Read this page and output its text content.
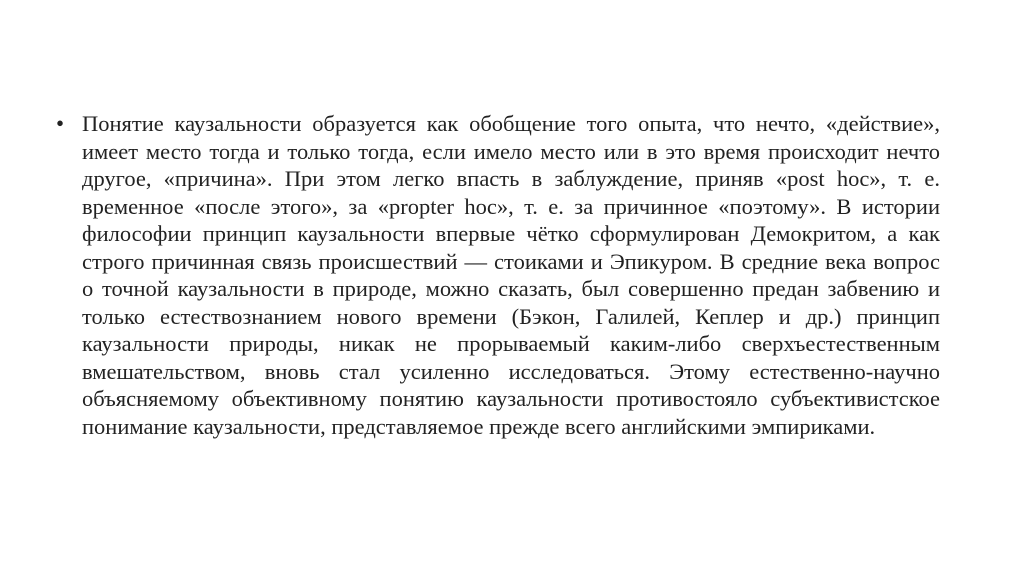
• Понятие каузальности образуется как обобщение того опыта, что нечто, «действие», имеет место тогда и только тогда, если имело место или в это время происходит нечто другое, «причина». При этом легко впасть в заблуждение, приняв «post hoc», т. е. временное «после этого», за «propter hoc», т. е. за причинное «поэтому». В истории философии принцип каузальности впервые чётко сформулирован Демокритом, а как строго причинная связь происшествий — стоиками и Эпикуром. В средние века вопрос о точной каузальности в природе, можно сказать, был совершенно предан забвению и только естествознанием нового времени (Бэкон, Галилей, Кеплер и др.) принцип каузальности природы, никак не прорываемый каким-либо сверхъестественным вмешательством, вновь стал усиленно исследоваться. Этому естественно-научно объясняемому объективному понятию каузальности противостояло субъективистское понимание каузальности, представляемое прежде всего английскими эмпириками.
